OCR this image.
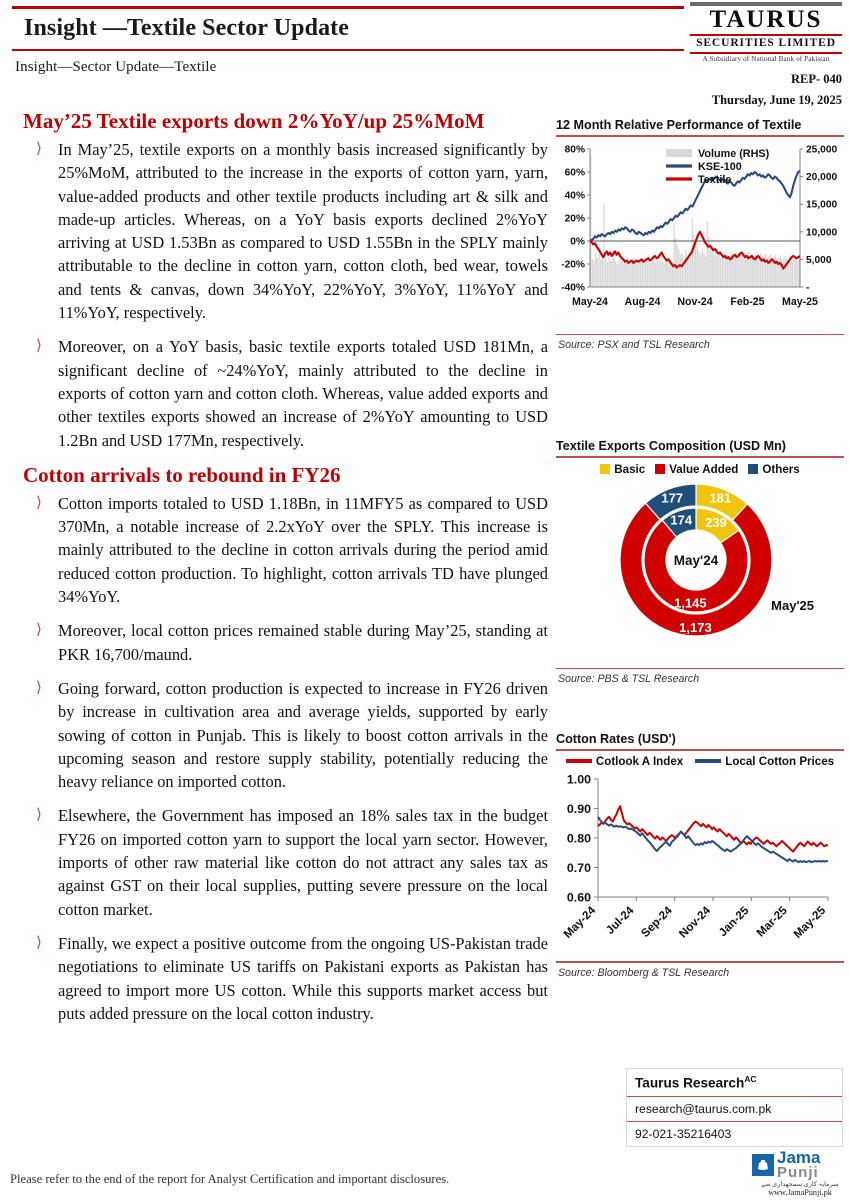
Insight —Textile Sector Update
Insight—Sector Update—Textile
TAURUS
SECURITIES LIMITED
A Subsidiary of National Bank of Pakistan
REP- 040
Thursday, June 19, 2025
May’25 Textile exports down 2%YoY/up 25%MoM
⟩ In May’25, textile exports on a monthly basis increased significantly by 25%MoM, attributed to the increase in the exports of cotton yarn, yarn, value-added products and other textile products including art & silk and made-up articles. Whereas, on a YoY basis exports declined 2%YoY arriving at USD 1.53Bn as compared to USD 1.55Bn in the SPLY mainly attributable to the decline in cotton yarn, cotton cloth, bed wear, towels and tents & canvas, down 34%YoY, 22%YoY, 3%YoY, 11%YoY and 11%YoY, respectively.
⟩ Moreover, on a YoY basis, basic textile exports totaled USD 181Mn, a significant decline of ~24%YoY, mainly attributed to the decline in exports of cotton yarn and cotton cloth. Whereas, value added exports and other textiles exports showed an increase of 2%YoY amounting to USD 1.2Bn and USD 177Mn, respectively.
Cotton arrivals to rebound in FY26
⟩ Cotton imports totaled to USD 1.18Bn, in 11MFY5 as compared to USD 370Mn, a notable increase of 2.2xYoY over the SPLY. This increase is mainly attributed to the decline in cotton arrivals during the period amid reduced cotton production. To highlight, cotton arrivals TD have plunged 34%YoY.
⟩ Moreover, local cotton prices remained stable during May’25, standing at PKR 16,700/maund.
⟩ Going forward, cotton production is expected to increase in FY26 driven by increase in cultivation area and average yields, supported by early sowing of cotton in Punjab. This is likely to boost cotton arrivals in the upcoming season and restore supply stability, potentially reducing the heavy reliance on imported cotton.
⟩ Elsewhere, the Government has imposed an 18% sales tax in the budget FY26 on imported cotton yarn to support the local yarn sector. However, imports of other raw material like cotton do not attract any sales tax as against GST on their local supplies, putting severe pressure on the local cotton market.
⟩ Finally, we expect a positive outcome from the ongoing US-Pakistan trade negotiations to eliminate US tariffs on Pakistani exports as Pakistan has agreed to import more US cotton. While this supports market access but puts added pressure on the local cotton industry.
12 Month Relative Performance of Textile
-40%
-20%
0%
20%
40%
60%
80%
-
5,000
10,000
15,000
20,000
25,000
May-24 Aug-24 Nov-24 Feb-25 May-25
Volume (RHS)
KSE-100
Textile
Source: PSX and TSL Research
Textile Exports Composition (USD Mn)
Basic Value Added Others
181
1,173
177
239
1,145
174
May'24
May'25
Source: PBS & TSL Research
Cotton Rates (USD')
Cotlook A Index	Local Cotton Prices
0.60
0.70
0.80
0.90
1.00
May-24 Jul-24 Sep-24 Nov-24 Jan-25 Mar-25 May-25
Source: Bloomberg & TSL Research
Taurus Research$^{AC}$
research@taurus.com.pk
92-021-35216403
Jama
Punji
سرمایہ کاری سمجھداری سے
www.JamaPunji.pk
Please refer to the end of the report for Analyst Certification and important disclosures.
